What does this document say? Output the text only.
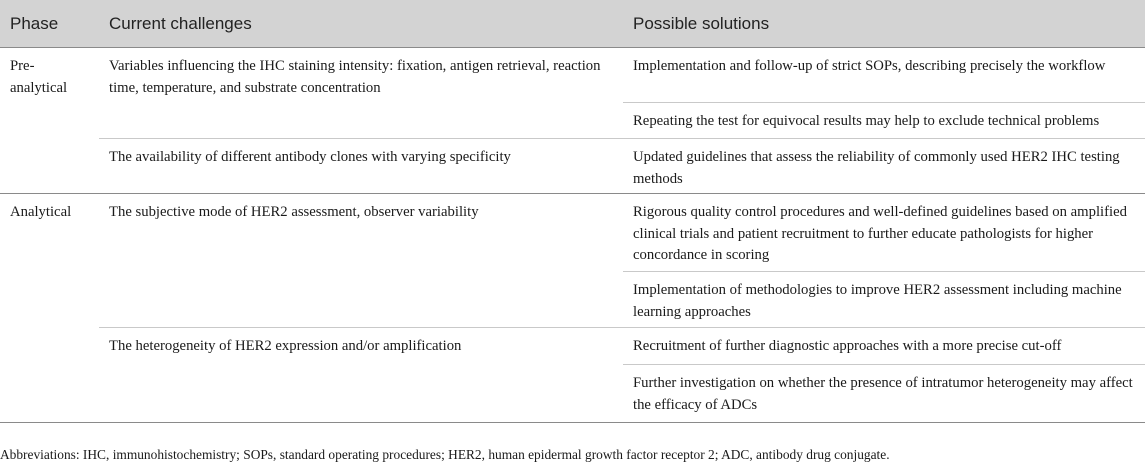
Phase	Current challenges	Possible solutions
Pre-analytical	Variables influencing the IHC staining intensity: fixation, antigen retrieval, reaction time, temperature, and substrate concentration	Implementation and follow-up of strict SOPs, describing precisely the workflow
		Repeating the test for equivocal results may help to exclude technical problems
	The availability of different antibody clones with varying specificity	Updated guidelines that assess the reliability of commonly used HER2 IHC testing methods
Analytical	The subjective mode of HER2 assessment, observer variability	Rigorous quality control procedures and well-defined guidelines based on amplified clinical trials and patient recruitment to further educate pathologists for higher concordance in scoring
		Implementation of methodologies to improve HER2 assessment including machine learning approaches
	The heterogeneity of HER2 expression and/or amplification	Recruitment of further diagnostic approaches with a more precise cut-off
		Further investigation on whether the presence of intratumor heterogeneity may affect the efficacy of ADCs
Abbreviations: IHC, immunohistochemistry; SOPs, standard operating procedures; HER2, human epidermal growth factor receptor 2; ADC, antibody drug conjugate.
